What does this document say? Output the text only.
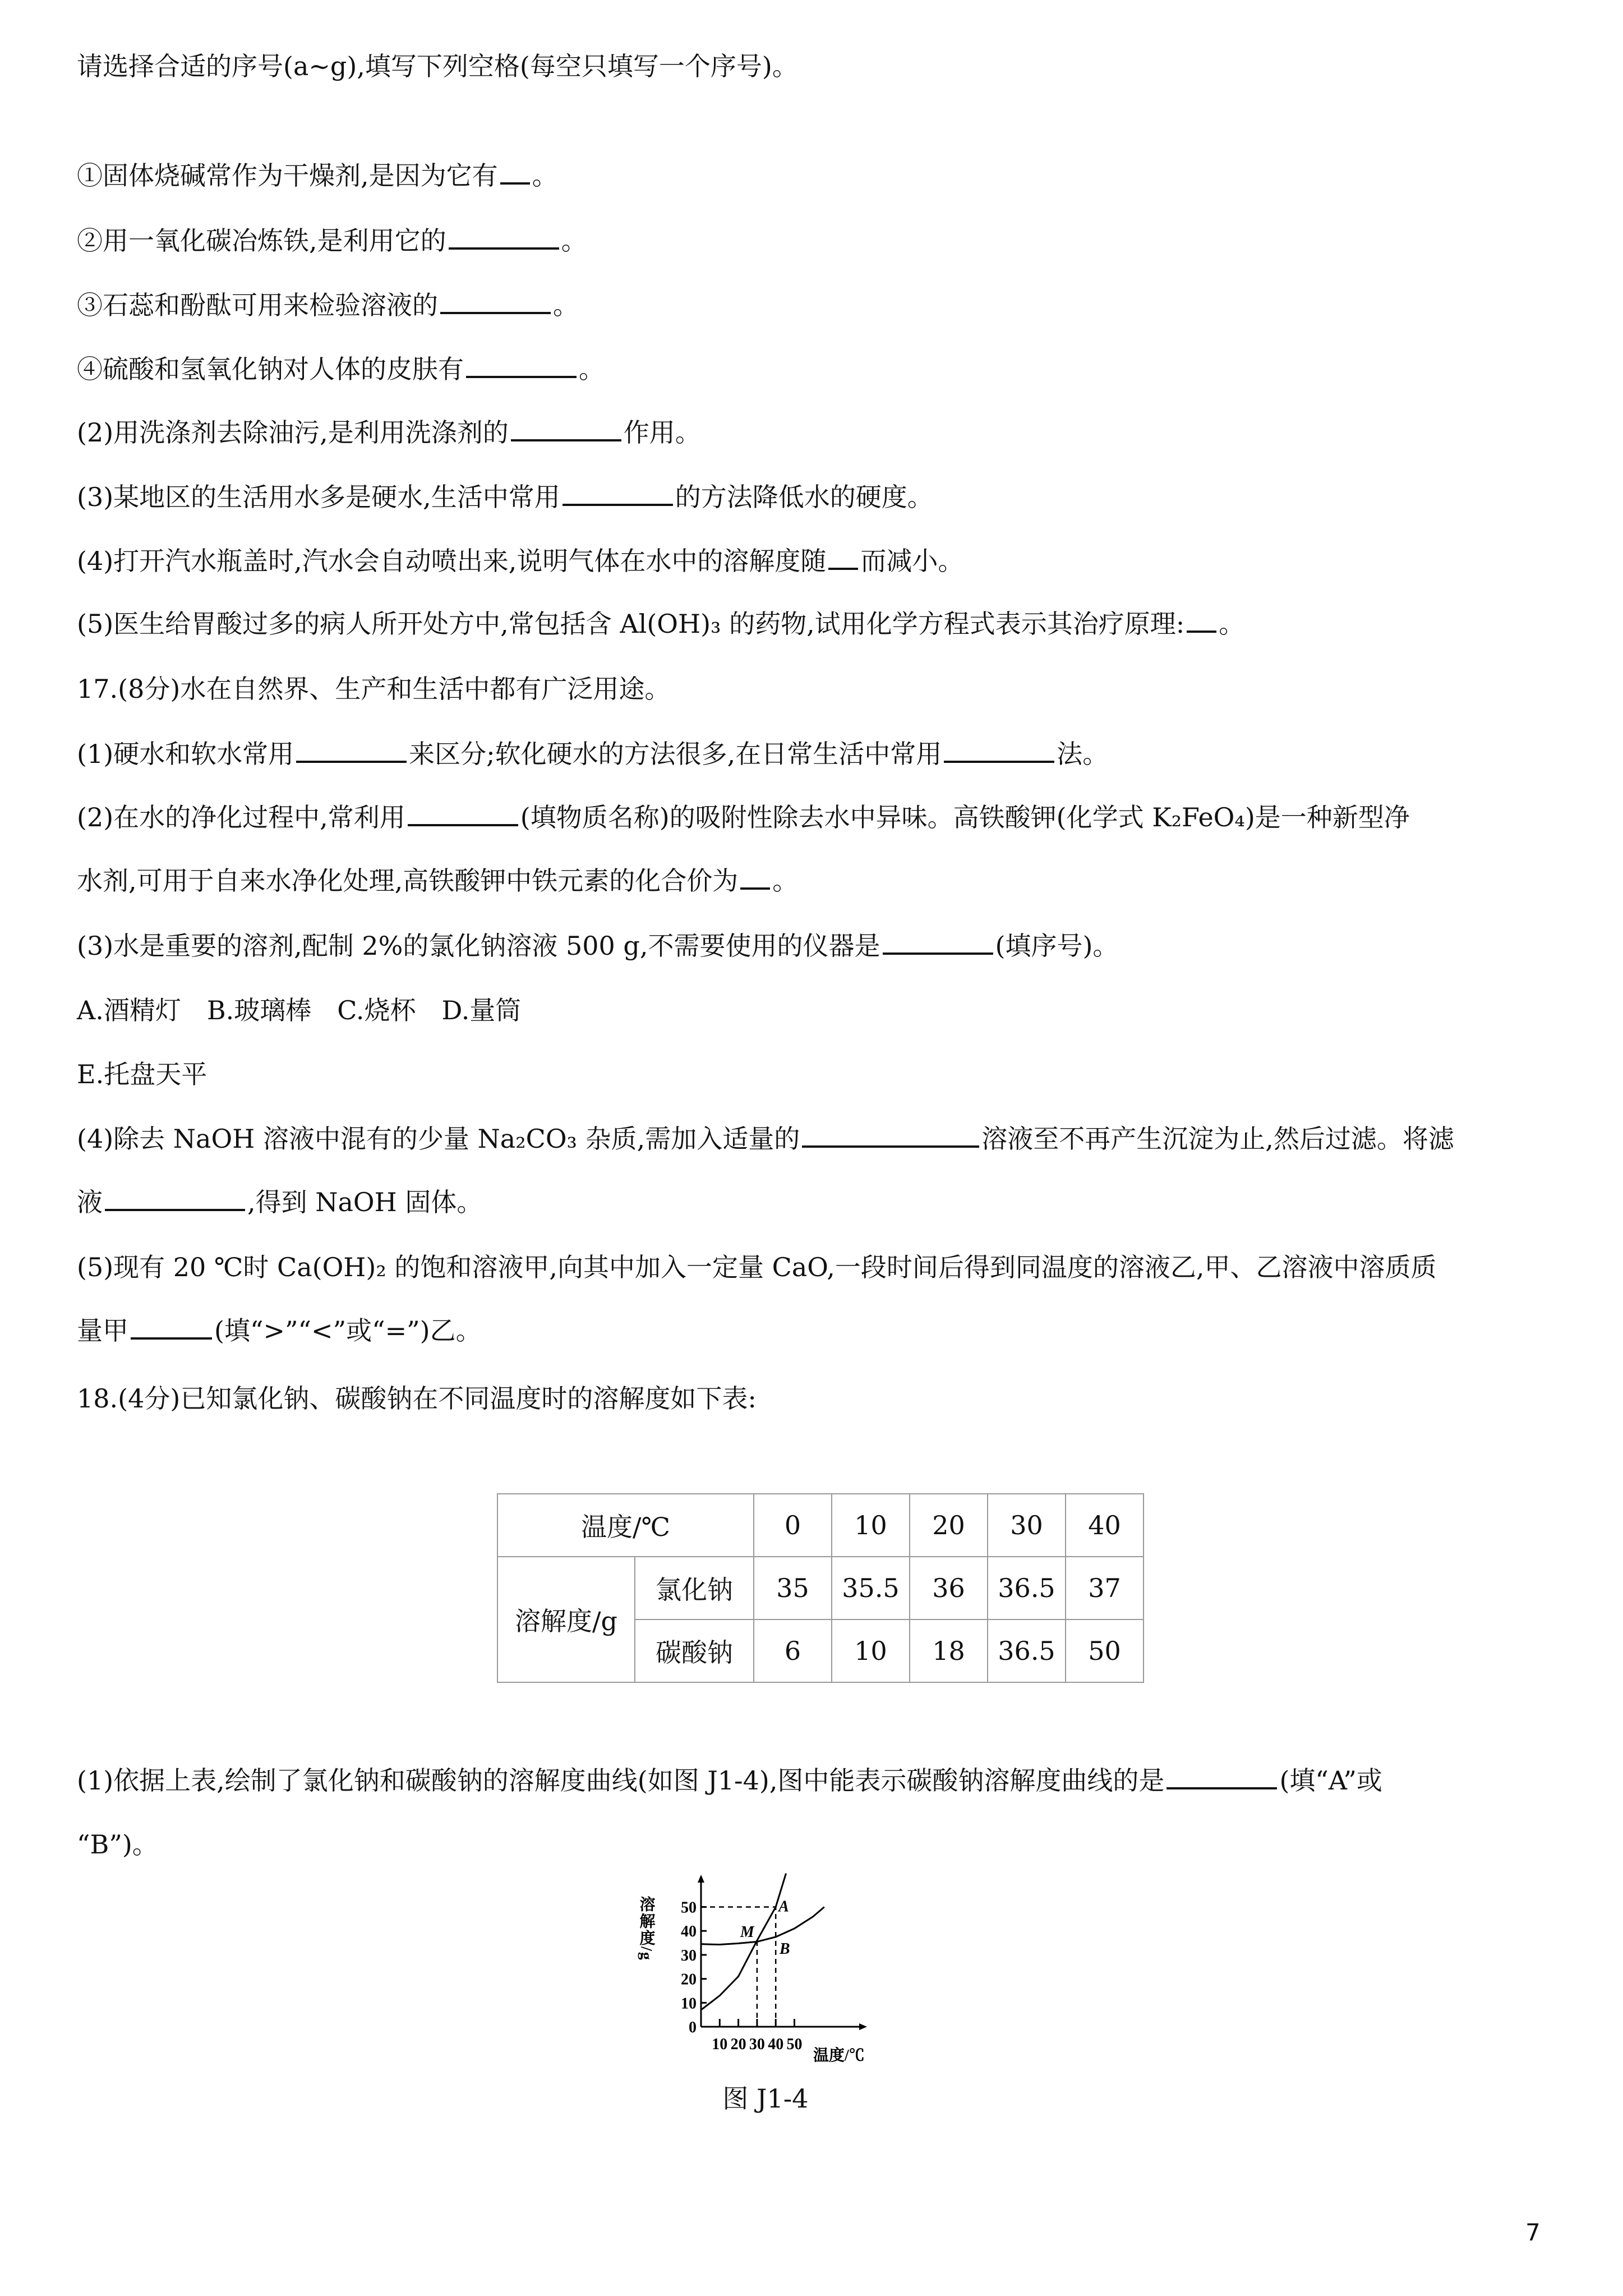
请选择合适的序号(a~g),填写下列空格(每空只填写一个序号)。
①固体烧碱常作为干燥剂,是因为它有 。
②用一氧化碳冶炼铁,是利用它的	。
③石蕊和酚酞可用来检验溶液的	。
④硫酸和氢氧化钠对人体的皮肤有	。
(2)用洗涤剂去除油污,是利用洗涤剂的	作用。
(3)某地区的生活用水多是硬水,生活中常用	的方法降低水的硬度。
(4)打开汽水瓶盖时,汽水会自动喷出来,说明气体在水中的溶解度随 而减小。
(5)医生给胃酸过多的病人所开处方中,常包括含 Al(OH)₃ 的药物,试用化学方程式表示其治疗原理: 。
17.(8分)水在自然界、生产和生活中都有广泛用途。
(1)硬水和软水常用	来区分;软化硬水的方法很多,在日常生活中常用	法。
(2)在水的净化过程中,常利用	(填物质名称)的吸附性除去水中异味。高铁酸钾(化学式 K₂FeO₄)是一种新型净
水剂,可用于自来水净化处理,高铁酸钾中铁元素的化合价为 。
(3)水是重要的溶剂,配制 2%的氯化钠溶液 500 g,不需要使用的仪器是	(填序号)。
A.酒精灯　B.玻璃棒　C.烧杯　D.量筒
E.托盘天平
(4)除去 NaOH 溶液中混有的少量 Na₂CO₃ 杂质,需加入适量的	溶液至不再产生沉淀为止,然后过滤。将滤
液	,得到 NaOH 固体。
(5)现有 20 ℃时 Ca(OH)₂ 的饱和溶液甲,向其中加入一定量 CaO,一段时间后得到同温度的溶液乙,甲、乙溶液中溶质质
量甲	(填“>”“<”或“=”)乙。
18.(4分)已知氯化钠、碳酸钠在不同温度时的溶解度如下表:
(1)依据上表,绘制了氯化钠和碳酸钠的溶解度曲线(如图 J1-4),图中能表示碳酸钠溶解度曲线的是	(填“A”或
“B”)。
温度/℃		0	10	20	30	40
溶解度/g	氯化钠	35	35.5	36	36.5	37
	碳酸钠	6	10	18	36.5	50
10 20 30 40 50
0
10
20
30
40
50
温度/℃
溶解度/g	A
B
M
图 J1-4
7
